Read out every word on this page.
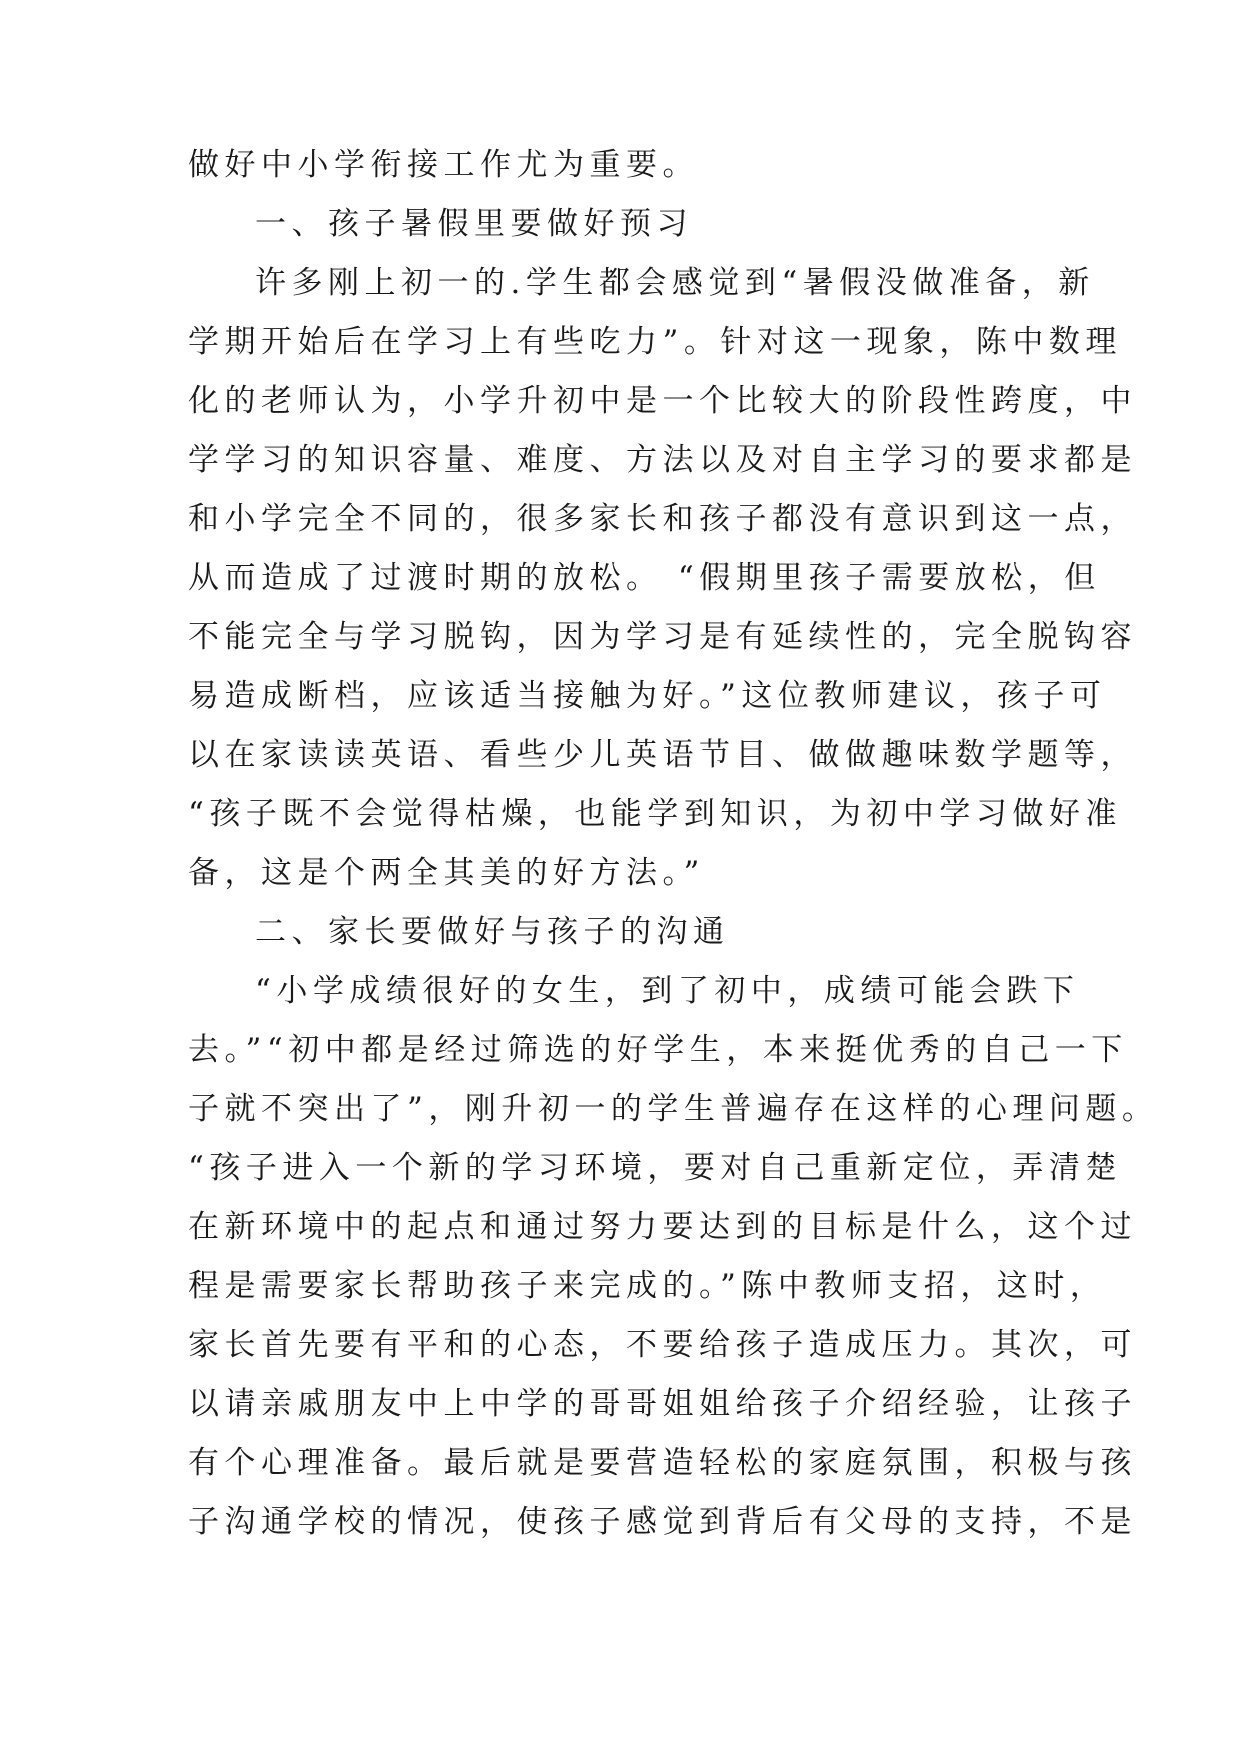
做好中小学衔接工作尤为重要。
一、孩子暑假里要做好预习
许多刚上初一的.学生都会感觉到“暑假没做准备，新
学期开始后在学习上有些吃力”。针对这一现象，陈中数理
化的老师认为，小学升初中是一个比较大的阶段性跨度，中
学学习的知识容量、难度、方法以及对自主学习的要求都是
和小学完全不同的，很多家长和孩子都没有意识到这一点，
从而造成了过渡时期的放松。 “假期里孩子需要放松，但
不能完全与学习脱钩，因为学习是有延续性的，完全脱钩容
易造成断档，应该适当接触为好。”这位教师建议，孩子可
以在家读读英语、看些少儿英语节目、做做趣味数学题等，
“孩子既不会觉得枯燥，也能学到知识，为初中学习做好准
备，这是个两全其美的好方法。”
二、家长要做好与孩子的沟通
“小学成绩很好的女生，到了初中，成绩可能会跌下
去。”“初中都是经过筛选的好学生，本来挺优秀的自己一下
子就不突出了”，刚升初一的学生普遍存在这样的心理问题。
“孩子进入一个新的学习环境，要对自己重新定位，弄清楚
在新环境中的起点和通过努力要达到的目标是什么，这个过
程是需要家长帮助孩子来完成的。”陈中教师支招，这时，
家长首先要有平和的心态，不要给孩子造成压力。其次，可
以请亲戚朋友中上中学的哥哥姐姐给孩子介绍经验，让孩子
有个心理准备。最后就是要营造轻松的家庭氛围，积极与孩
子沟通学校的情况，使孩子感觉到背后有父母的支持，不是
